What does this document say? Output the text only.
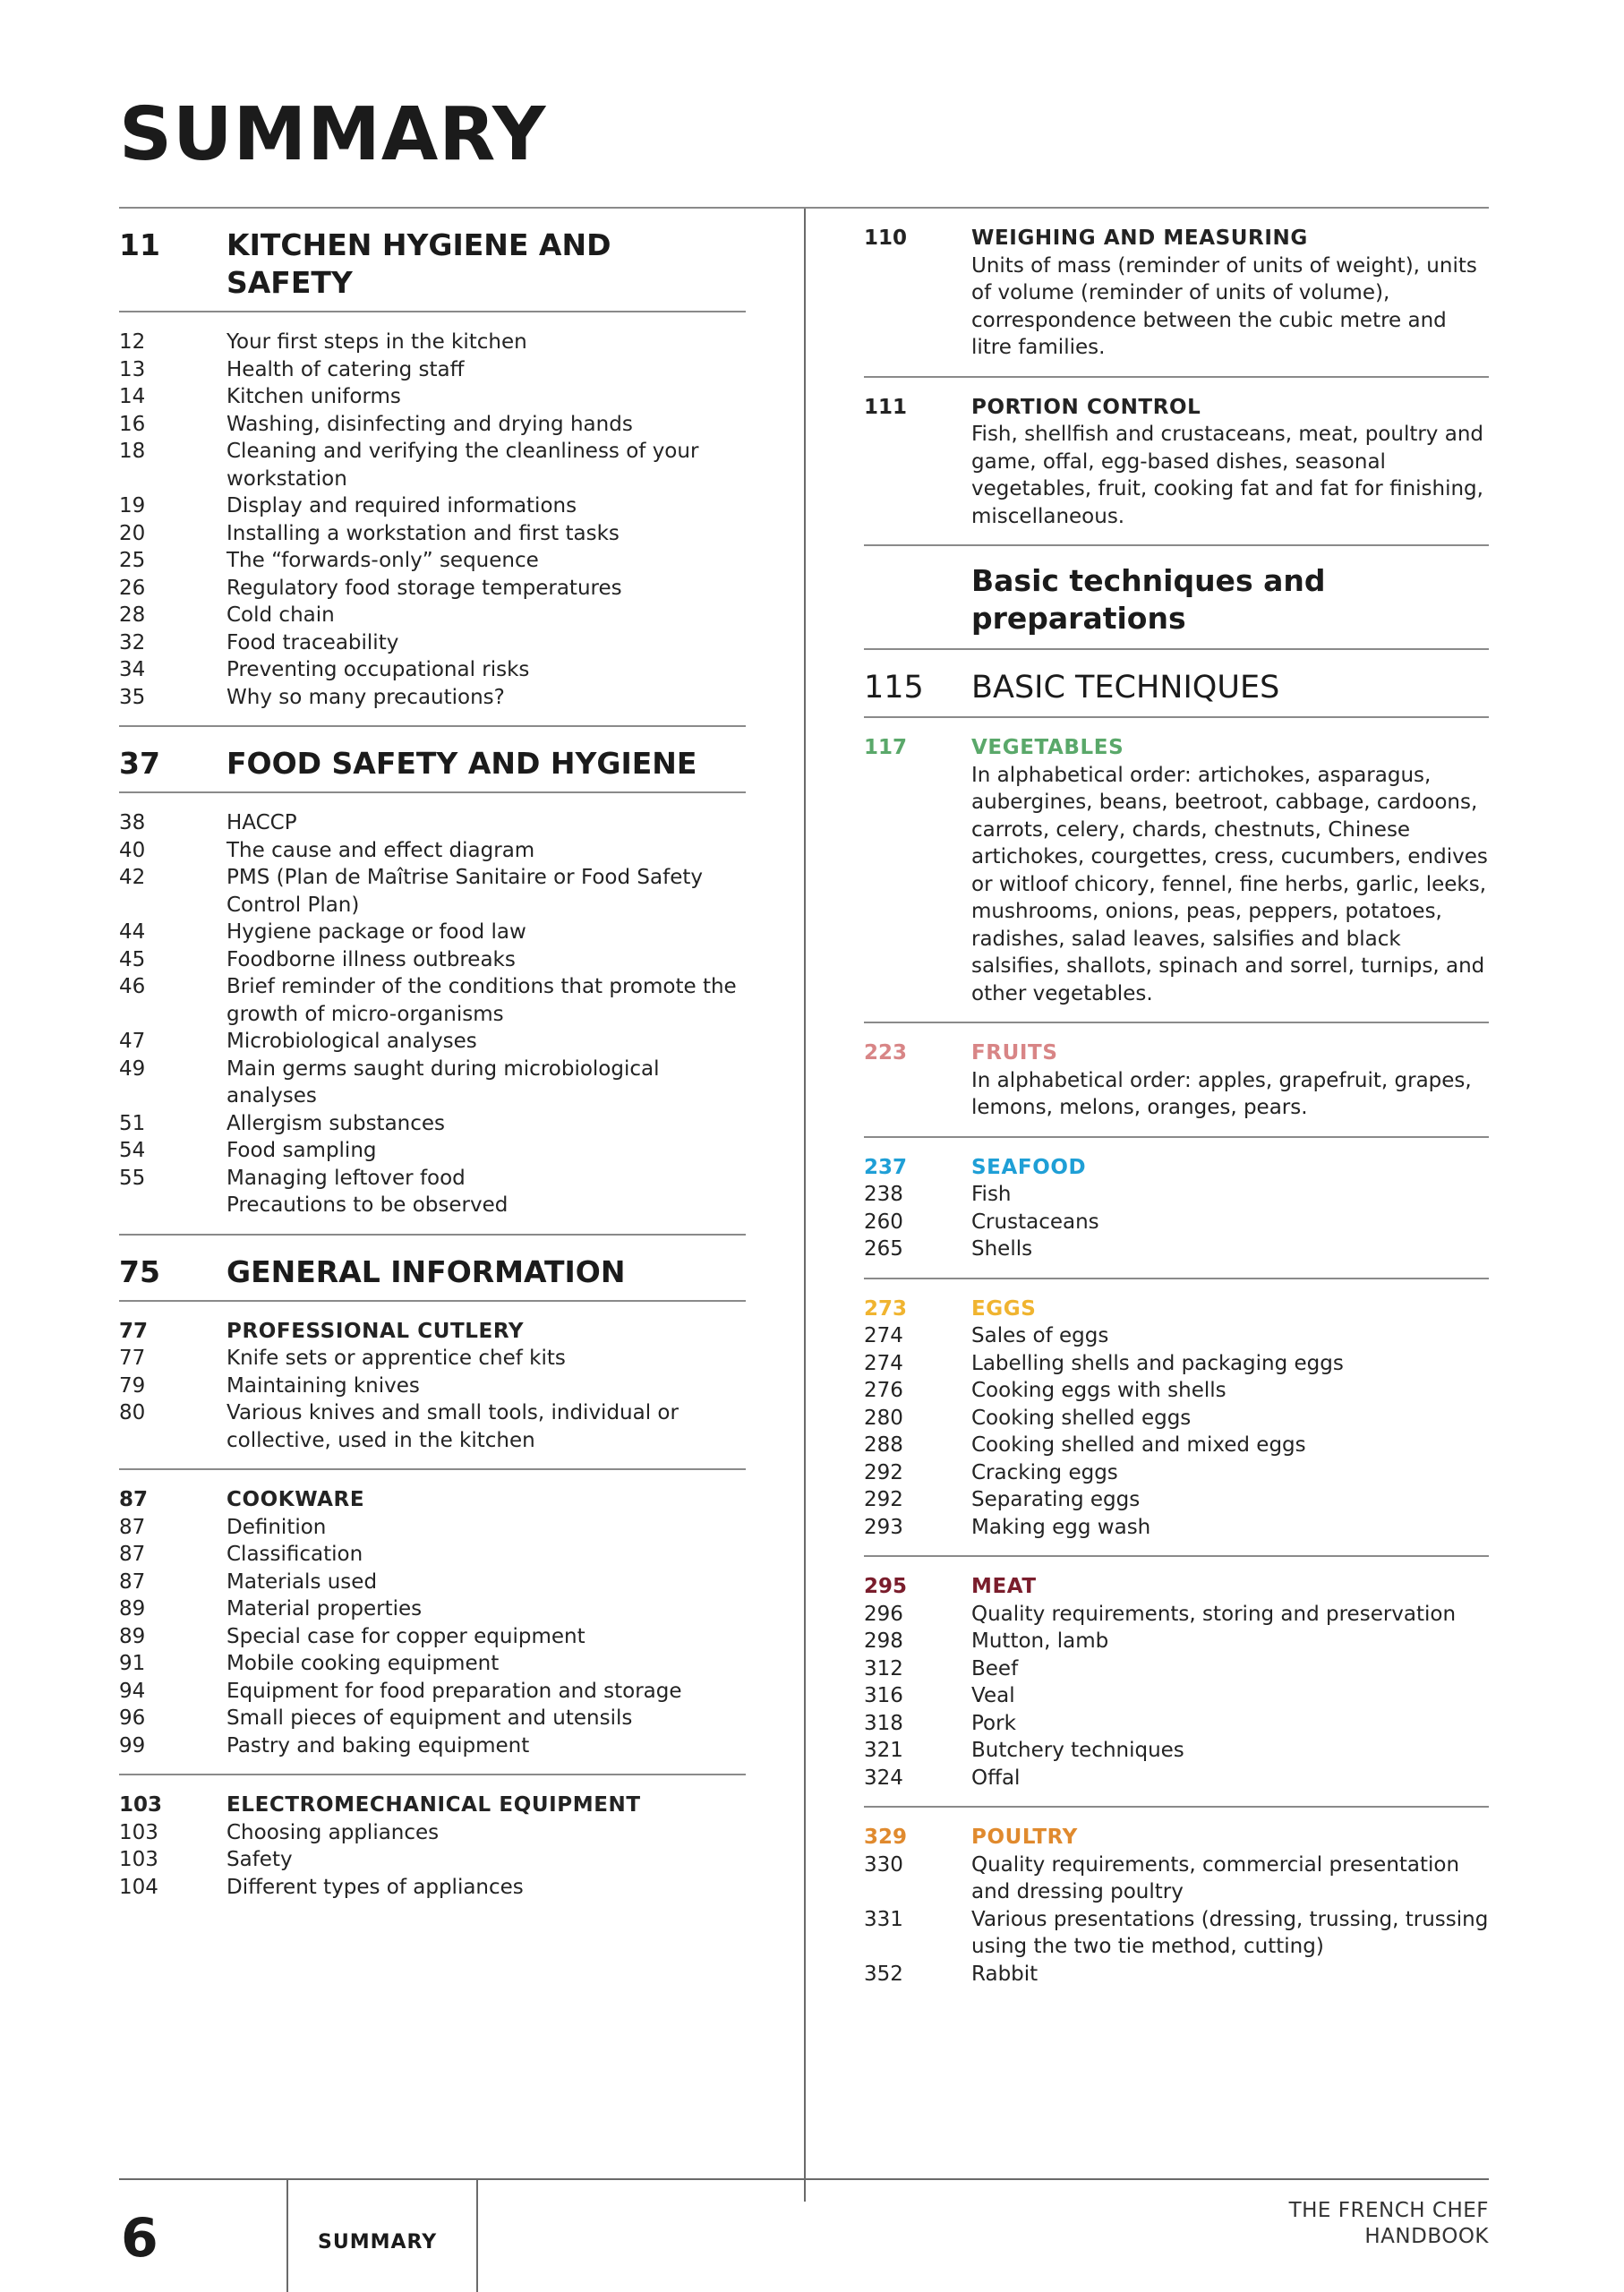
SUMMARY
11	KITCHEN HYGIENE AND SAFETY
12	Your first steps in the kitchen
13	Health of catering staff
14	Kitchen uniforms
16	Washing, disinfecting and drying hands
18	Cleaning and verifying the cleanliness of your workstation
19	Display and required informations
20	Installing a workstation and first tasks
25	The “forwards-only” sequence
26	Regulatory food storage temperatures
28	Cold chain
32	Food traceability
34	Preventing occupational risks
35	Why so many precautions?
37	FOOD SAFETY AND HYGIENE
38	HACCP
40	The cause and effect diagram
42	PMS (Plan de Maîtrise Sanitaire or Food Safety Control Plan)
44	Hygiene package or food law
45	Foodborne illness outbreaks
46	Brief reminder of the conditions that promote the growth of micro-organisms
47	Microbiological analyses
49	Main germs saught during microbiological analyses
51	Allergism substances
54	Food sampling
55	Managing leftover food
Precautions to be observed
75	GENERAL INFORMATION
77	PROFESSIONAL CUTLERY
77	Knife sets or apprentice chef kits
79	Maintaining knives
80	Various knives and small tools, individual or collective, used in the kitchen
87	COOKWARE
87	Definition
87	Classification
87	Materials used
89	Material properties
89	Special case for copper equipment
91	Mobile cooking equipment
94	Equipment for food preparation and storage
96	Small pieces of equipment and utensils
99	Pastry and baking equipment
103	ELECTROMECHANICAL EQUIPMENT
103	Choosing appliances
103	Safety
104	Different types of appliances
110	WEIGHING AND MEASURING
Units of mass (reminder of units of weight), units of volume (reminder of units of volume), correspondence between the cubic metre and litre families.
111	PORTION CONTROL
Fish, shellfish and crustaceans, meat, poultry and game, offal, egg-based dishes, seasonal vegetables, fruit, cooking fat and fat for finishing, miscellaneous.
Basic techniques and preparations
115	BASIC TECHNIQUES
117	VEGETABLES
In alphabetical order: artichokes, asparagus, aubergines, beans, beetroot, cabbage, cardoons, carrots, celery, chards, chestnuts, Chinese artichokes, courgettes, cress, cucumbers, endives or witloof chicory, fennel, fine herbs, garlic, leeks, mushrooms, onions, peas, peppers, potatoes, radishes, salad leaves, salsifies and black salsifies, shallots, spinach and sorrel, turnips, and other vegetables.
223	FRUITS
In alphabetical order: apples, grapefruit, grapes, lemons, melons, oranges, pears.
237	SEAFOOD
238	Fish
260	Crustaceans
265	Shells
273	EGGS
274	Sales of eggs
274	Labelling shells and packaging eggs
276	Cooking eggs with shells
280	Cooking shelled eggs
288	Cooking shelled and mixed eggs
292	Cracking eggs
292	Separating eggs
293	Making egg wash
295	MEAT
296	Quality requirements, storing and preservation
298	Mutton, lamb
312	Beef
316	Veal
318	Pork
321	Butchery techniques
324	Offal
329	POULTRY
330	Quality requirements, commercial presentation and dressing poultry
331	Various presentations (dressing, trussing, trussing using the two tie method, cutting)
352	Rabbit
6	SUMMARY
THE FRENCH CHEF
HANDBOOK
